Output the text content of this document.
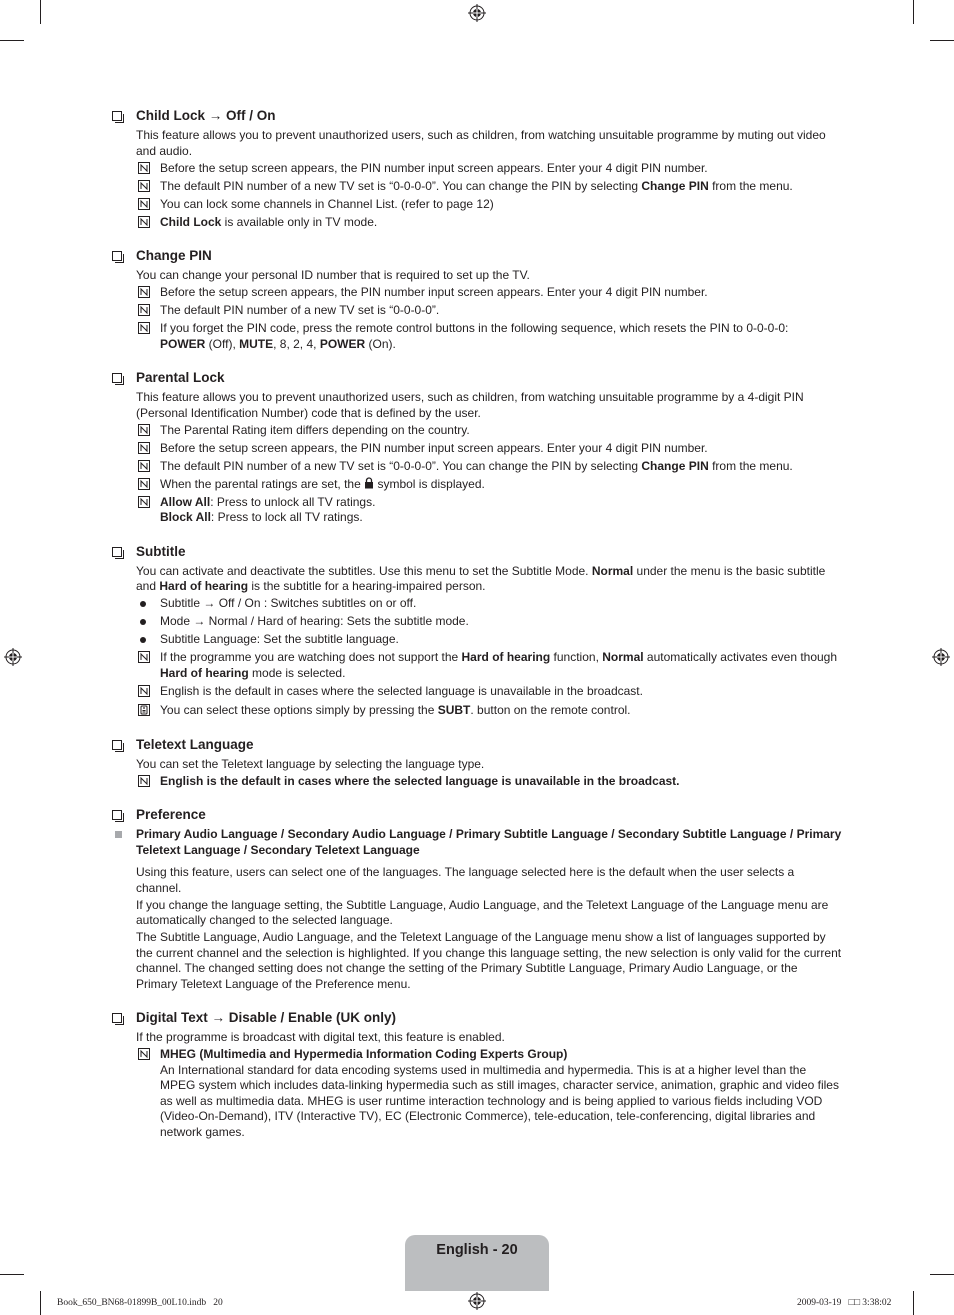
Child Lock → Off / On
This feature allows you to prevent unauthorized users, such as children, from watching unsuitable programme by muting out video and audio.
Before the setup screen appears, the PIN number input screen appears. Enter your 4 digit PIN number.
The default PIN number of a new TV set is “0-0-0-0”. You can change the PIN by selecting Change PIN from the menu.
You can lock some channels in Channel List. (refer to page 12)
Child Lock is available only in TV mode.
Change PIN
You can change your personal ID number that is required to set up the TV.
Before the setup screen appears, the PIN number input screen appears. Enter your 4 digit PIN number.
The default PIN number of a new TV set is “0-0-0-0”.
If you forget the PIN code, press the remote control buttons in the following sequence, which resets the PIN to 0-0-0-0:
POWER (Off), MUTE, 8, 2, 4, POWER (On).
Parental Lock
This feature allows you to prevent unauthorized users, such as children, from watching unsuitable programme by a 4-digit PIN (Personal Identification Number) code that is defined by the user.
The Parental Rating item differs depending on the country.
Before the setup screen appears, the PIN number input screen appears. Enter your 4 digit PIN number.
The default PIN number of a new TV set is “0-0-0-0”. You can change the PIN by selecting Change PIN from the menu.
When the parental ratings are set, the  symbol is displayed.
Allow All: Press to unlock all TV ratings.
Block All: Press to lock all TV ratings.
Subtitle
You can activate and deactivate the subtitles. Use this menu to set the Subtitle Mode. Normal under the menu is the basic subtitle and Hard of hearing is the subtitle for a hearing-impaired person.
Subtitle → Off / On : Switches subtitles on or off.
Mode → Normal / Hard of hearing: Sets the subtitle mode.
Subtitle Language: Set the subtitle language.
If the programme you are watching does not support the Hard of hearing function, Normal automatically activates even though Hard of hearing mode is selected.
English is the default in cases where the selected language is unavailable in the broadcast.
You can select these options simply by pressing the SUBT. button on the remote control.
Teletext Language
You can set the Teletext language by selecting the language type.
English is the default in cases where the selected language is unavailable in the broadcast.
Preference
Primary Audio Language / Secondary Audio Language / Primary Subtitle Language / Secondary Subtitle Language / Primary Teletext Language / Secondary Teletext Language
Using this feature, users can select one of the languages. The language selected here is the default when the user selects a channel.
If you change the language setting, the Subtitle Language, Audio Language, and the Teletext Language of the Language menu are automatically changed to the selected language.
The Subtitle Language, Audio Language, and the Teletext Language of the Language menu show a list of languages supported by the current channel and the selection is highlighted. If you change this language setting, the new selection is only valid for the current channel. The changed setting does not change the setting of the Primary Subtitle Language, Primary Audio Language, or the Primary Teletext Language of the Preference menu.
Digital Text → Disable / Enable (UK only)
If the programme is broadcast with digital text, this feature is enabled.
MHEG (Multimedia and Hypermedia Information Coding Experts Group)
An International standard for data encoding systems used in multimedia and hypermedia. This is at a higher level than the MPEG system which includes data-linking hypermedia such as still images, character service, animation, graphic and video files as well as multimedia data. MHEG is user runtime interaction technology and is being applied to various fields including VOD (Video-On-Demand), ITV (Interactive TV), EC (Electronic Commerce), tele-education, tele-conferencing, digital libraries and network games.
English - 20
Book_650_BN68-01899B_00L10.indb   20	2009-03-19   □□ 3:38:02
